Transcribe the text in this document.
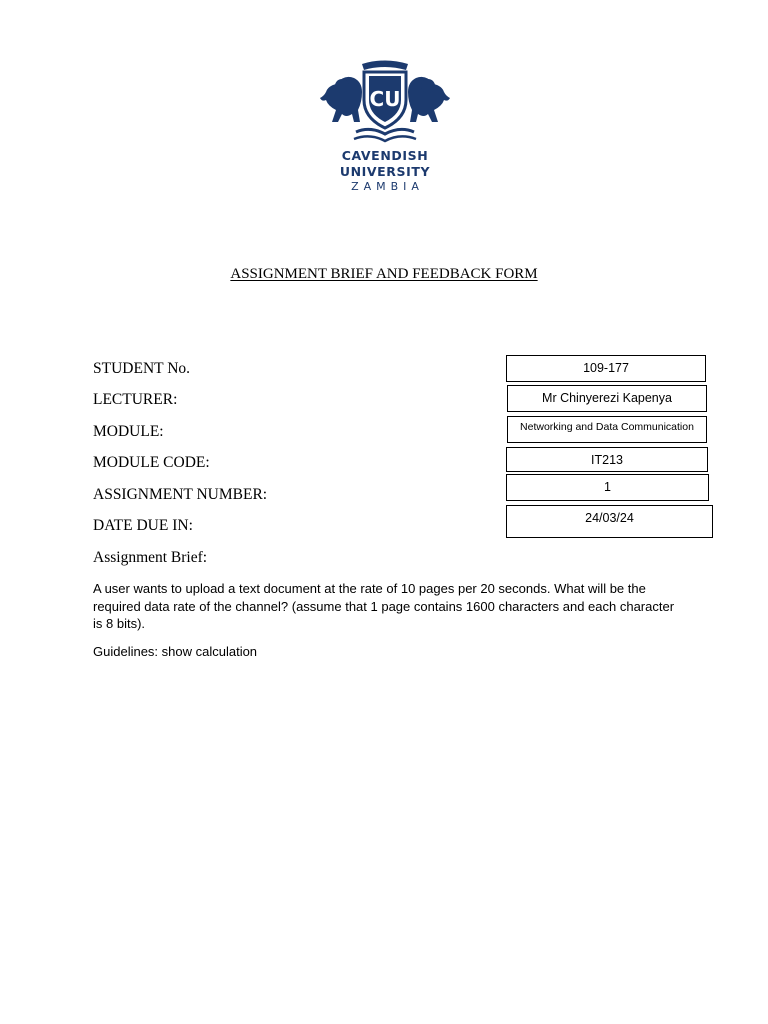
CU
CAVENDISH
UNIVERSITY
ZAMBIA
ASSIGNMENT BRIEF AND FEEDBACK FORM
STUDENT No.
LECTURER:
MODULE:
MODULE CODE:
ASSIGNMENT NUMBER:
DATE DUE IN:
Assignment Brief:
109-177
Mr Chinyerezi Kapenya
Networking and Data Communication
IT213
1
24/03/24
A user wants to upload a text document at the rate of 10 pages per 20 seconds. What will be the required data rate of the channel? (assume that 1 page contains 1600 characters and each character is 8 bits).
Guidelines: show calculation
